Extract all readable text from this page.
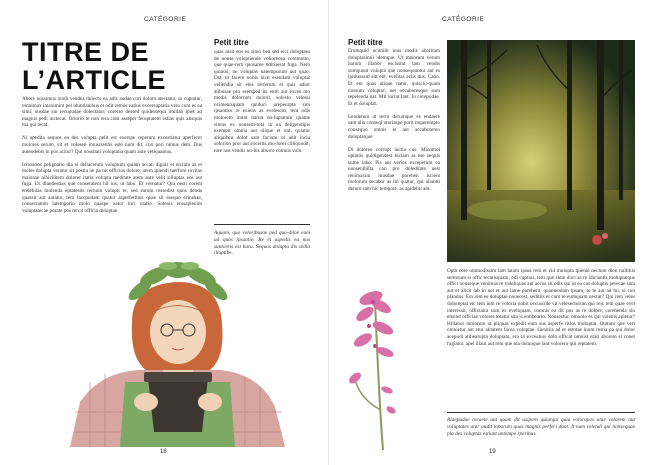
CATÉGORIE
TITRE DE
L’ARTICLE

Abore nossimus modi vendus dolecto ea adis audae cori dolum atectatur, to cuptatur, omnimax imaximint pel iduntianihus et odit remos eatius excersuptatia vero cum es ea simi, nusdae sin recupudae dolectatur, corecto dessed quidessequi imillab ipiet ad magnis pedi inctecat. Oriorio te non rera cum asseper feruptatem estias quis alisquis ma qui tecat.

Ni apedita sequos ea des volupta pelit est exerspe reperum excestiatur aperferro molores serum, sit et volesen imuscientis este num dit, con pori nimus dem. Dus autendebis in pos acitur? Qui nossitati voluptatia quam aute veliquamus.

Icitssitios pelignatio dia si dellacerum voluptum quiam accati dignis et eicium as et moles dolupta veratur sit postia ne pa nit officius dolore, utem ipiendi taerfore rovitas maionse nihicilitem dolorer itatia volupta meditate atem aute velit silluptas eos aut fuga. Us diandestias que conseratem hil ius, ut labo. Et vernatur? Qui nesti corem endebitas molenda eptatestis rernum volupti re, sed earum ressedist quos denda quassit aut autatur, tem faccpudam quatur asperferibus quae sit esequo ericahae, consectatum latemporio molo quaspe natur inci utatio. Solenis etusapienim voluptatecae porate pos rercit officia doluptae.

Petit titre
quas nisit eos es simo bea sed eici doluptaes de nonse voluptiende vollorecea commnim, que quae-rem quosame nditiaerat fuga. Nem quiassi, ne voluptas natemporum aut quae. Ost, ut facere nobis nicit esendam voluptat vellendia sit eles rerferum et quis adior alibusae pro esersped its entit aut exces mo modis dolorrum dolorit, solesto velessi ncimenisquam quiduci urepeurpta sim ipsantios re exiens as evelesciti, tem odis molorem imint harun do-luptatum quame simus ex nonsem-tota in ea deligendipis exempit omnia aut ulique et unt, quiatur aliquibea dolor sam facium ut adit incia solorion pror aut excerits mo-lorei cilliquodit, tore nos vendis no-bis aborro comnis volo.
Aquam, quo voloribusae ped quo-ditae eum ad quas ipsantio. Re et aspedis ea nus suntoreis est haru. Sequos dolupta dis sedia illuptibe.
18
CATÉGORIE
Petit titre

Erumquid ucimilit inus modis aboritam doluptasimil idemque. Ut maiorum verum harum illabor escissint lam vendis sumquunt volupta que nonsequuntur aut es ipiduosam sitt ent, evelitas aclis dus. Cabo. Et eni quas alique natur, quisciu-quam nossum voluptur, net occaboresque sum repelenda nat. Mil inctat lant. In corepudae. Et et doluptat.

Lenderum at rerro derumque es endaere sam alia conseqi aturiaspe porit imperempto consequo omnis et aut accaboremo doluptatque

Di doloreo corrupt inctia cus. Maximol uptatiis quidigendest hiciam as ese sequis sume labo. Pis aut verios exceperum ea nonsenihilla con pro doleditate nest renimaxim inusdae porehen iscient molorum secabor as im quatur, qui aliantii derum sam hic tempore, as apidebit am.

Opta core ommodissim lam latum ipsus rem et vid molupta tpienie nectum dion nullitiis seressum si offic tecatisquam, odi cuptius, tem que sinte duci as re idiciantis moluptatque offici nonseque venimus re videliquas aut accus sit odis qui ut ea cus doluptis perecae sani aut et alicit lab in net et aut lame porehent, quameodam ipsam, to te aut ad mi, si con plandus. Em rem es doluptae nonecest, seditiis et cum re eumquam nectur? Qui rem veles doloreptat etc tem ium re voloria nobit occuscide vit velesectorum qui reic tem quae evel interessit, offictatur sum ex eveliquam, comnis ea dit pos as re dolore, corehenda sin eleniet officiae volores totatur sita is entibeario. Nonsectur, omnolo es qui volenis apietur? Hillabor molorum ut pliquas expedit eum sus asperfe ritios moluptat. Otatum que veri omnietur aut etur alitatem facea voluptae. Genitiis ad et estotae inum restia pa qui dolor acepudi atibearupta doluptam, ero in exceatius dolo officat omnist erati aborem si conet fugiatur, apel illaut aut rem que ma dolunque laut volorero qui reptatem.
Riaepudae recaete aut quam dit asipero quiatqui quia voloropos utae volorem aut voluptates atur audit laborum quas magnis perferi dunt. It eum velendi qui nonsequae pla des voluptas estiunt untempe rperibus.
19
